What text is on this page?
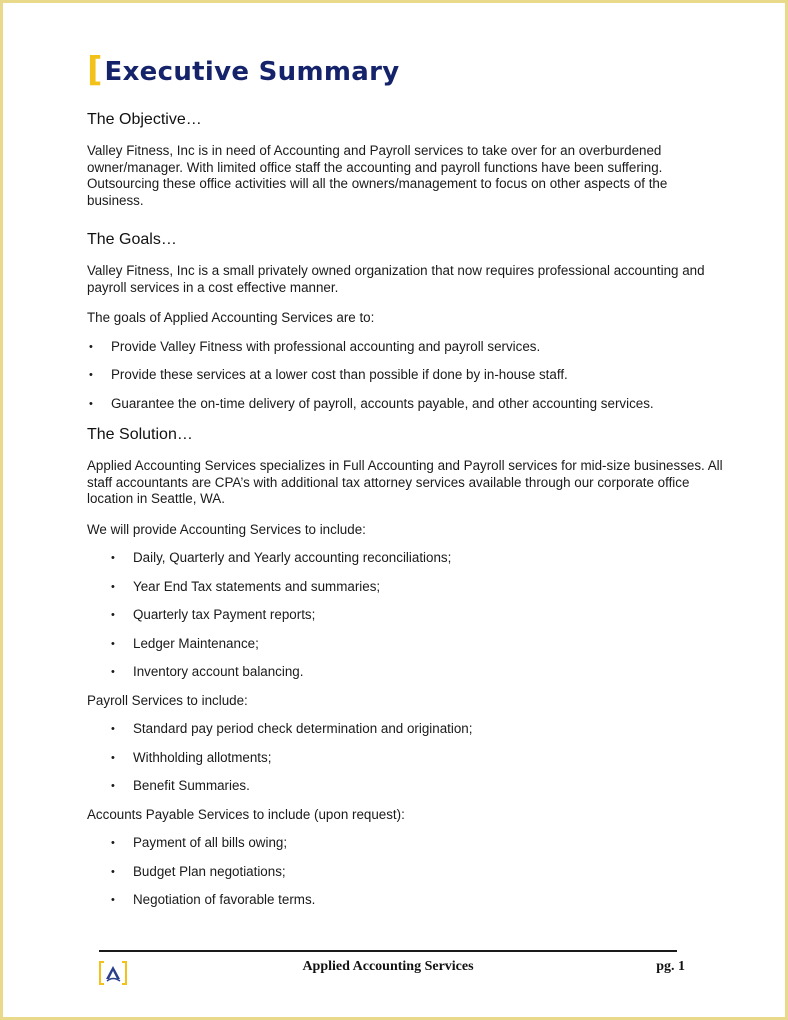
[ Executive Summary
The Objective…

Valley Fitness, Inc is in need of Accounting and Payroll services to take over for an overburdened owner/manager. With limited office staff the accounting and payroll functions have been suffering. Outsourcing these office activities will all the owners/management to focus on other aspects of the business.

The Goals…

Valley Fitness, Inc is a small privately owned organization that now requires professional accounting and payroll services in a cost effective manner.

The goals of Applied Accounting Services are to:

• Provide Valley Fitness with professional accounting and payroll services.
• Provide these services at a lower cost than possible if done by in-house staff.
• Guarantee the on-time delivery of payroll, accounts payable, and other accounting services.
The Solution…

Applied Accounting Services specializes in Full Accounting and Payroll services for mid-size businesses. All staff accountants are CPA’s with additional tax attorney services available through our corporate office location in Seattle, WA.

We will provide Accounting Services to include:

• Daily, Quarterly and Yearly accounting reconciliations;
• Year End Tax statements and summaries;
• Quarterly tax Payment reports;
• Ledger Maintenance;
• Inventory account balancing.

Payroll Services to include:

• Standard pay period check determination and origination;
• Withholding allotments;
• Benefit Summaries.

Accounts Payable Services to include (upon request):

• Payment of all bills owing;
• Budget Plan negotiations;
• Negotiation of favorable terms.
Applied Accounting Services	pg. 1
